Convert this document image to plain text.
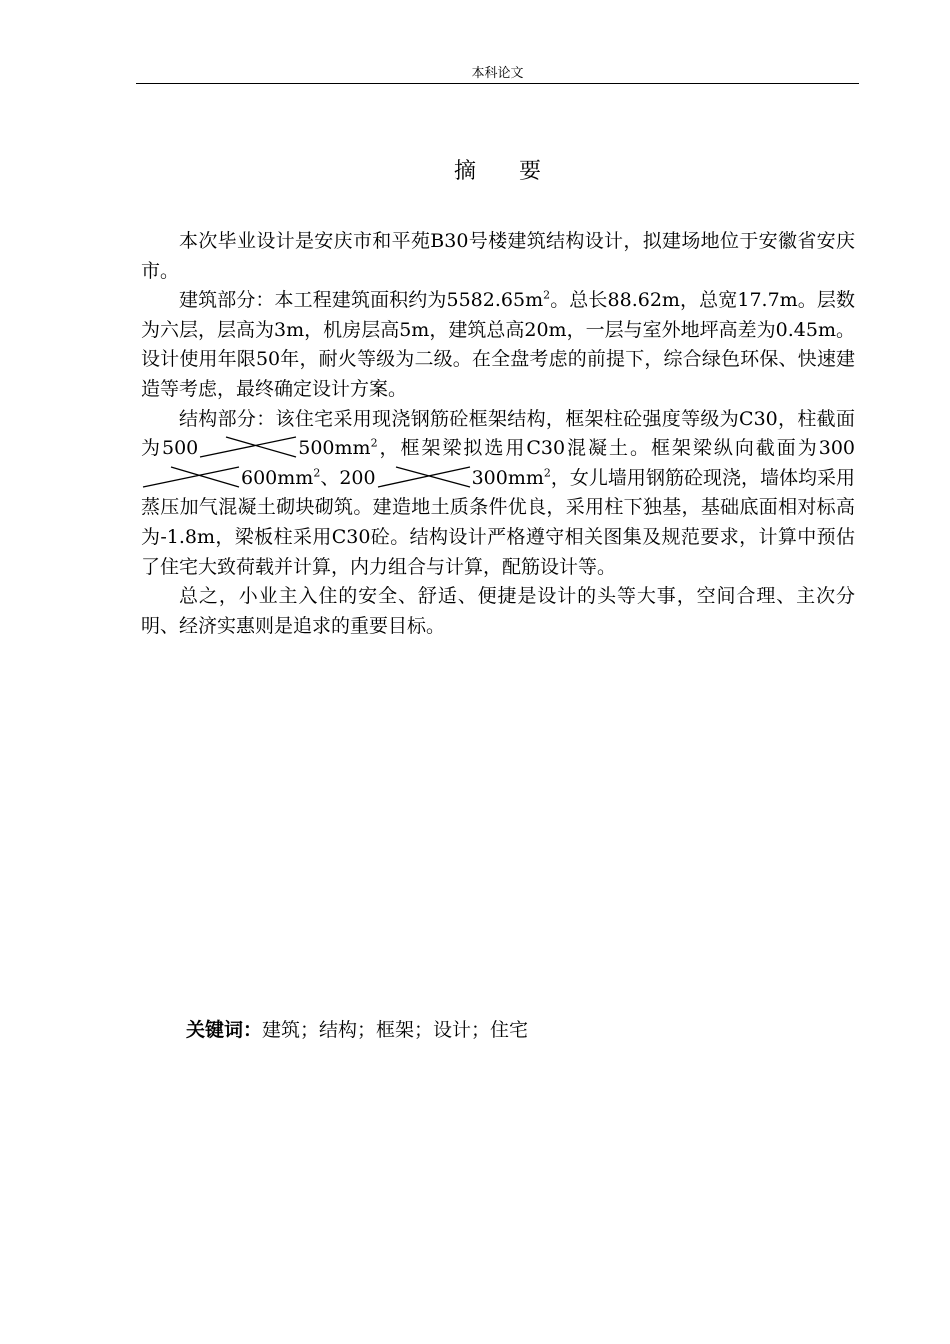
本科论文
摘 要

本次毕业设计是安庆市和平苑B30号楼建筑结构设计，拟建场地位于安徽省安庆市。

建筑部分：本工程建筑面积约为$5582.65m^2$。总长88.62m，总宽17.7m。层数为六层，层高为3m，机房层高5m，建筑总高20m，一层与室外地坪高差为0.45m。设计使用年限50年，耐火等级为二级。在全盘考虑的前提下，综合绿色环保、快速建造等考虑，最终确定设计方案。

结构部分：该住宅采用现浇钢筋砼框架结构，框架柱砼强度等级为C30，柱截面为500	$500mm^2$，框架梁拟选用C30混凝土。框架梁纵向截面为$300600mm^2$、200	$300mm^2$，女儿墙用钢筋砼现浇，墙体均采用蒸压加气混凝土砌块砌筑。建造地土质条件优良，采用柱下独基，基础底面相对标高为-1.8m，梁板柱采用C30砼。结构设计严格遵守相关图集及规范要求，计算中预估了住宅大致荷载并计算，内力组合与计算，配筋设计等。

总之，小业主入住的安全、舒适、便捷是设计的头等大事，空间合理、主次分明、经济实惠则是追求的重要目标。

关键词：建筑；结构；框架；设计；住宅
